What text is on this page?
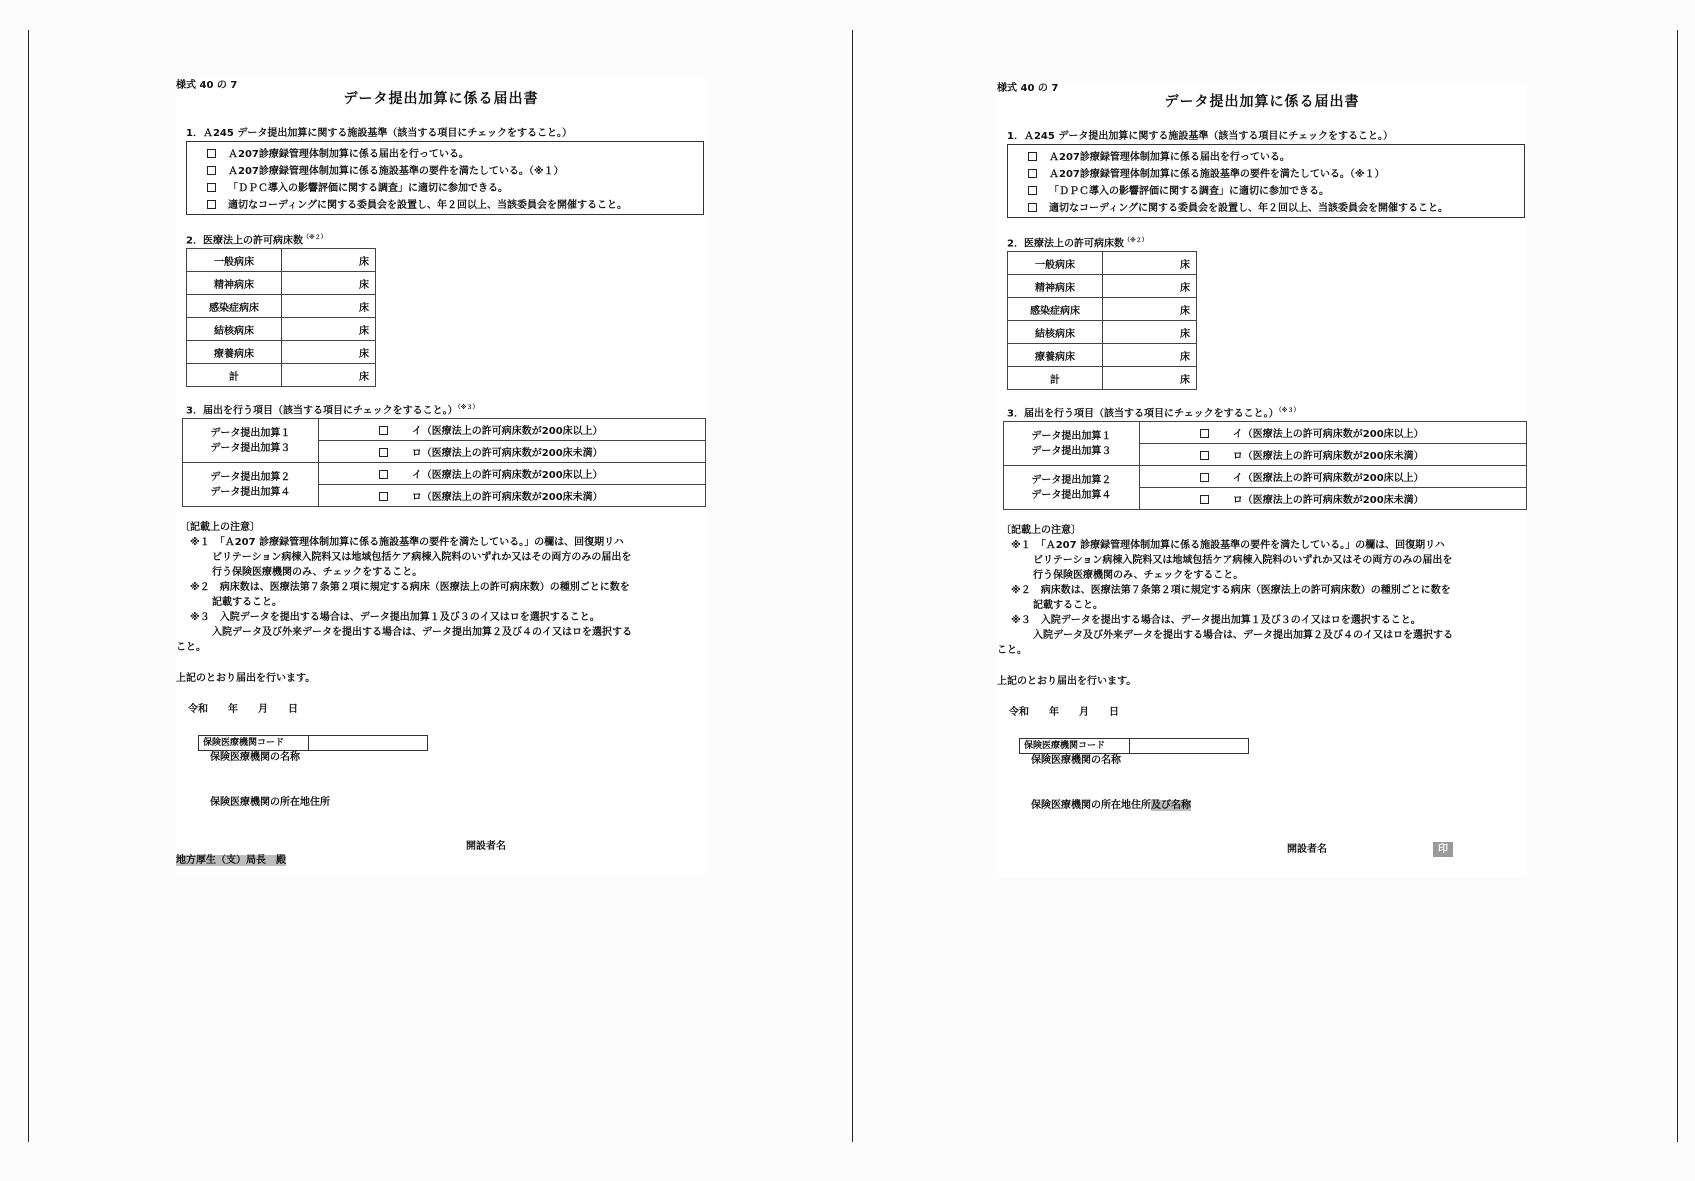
様式 40 の 7
データ提出加算に係る届出書
1．Ａ245 データ提出加算に関する施設基準（該当する項目にチェックをすること。）
Ａ207診療録管理体制加算に係る届出を行っている。
Ａ207診療録管理体制加算に係る施設基準の要件を満たしている。（※１）
「ＤＰＣ導入の影響評価に関する調査」に適切に参加できる。
適切なコーディングに関する委員会を設置し、年２回以上、当該委員会を開催すること。
2．医療法上の許可病床数$^{(※2)}$
一般病床	床
精神病床	床
感染症病床	床
結核病床	床
療養病床	床
計	床
3．届出を行う項目（該当する項目にチェックをすること。）$^{(※3)}$
データ提出加算１
データ提出加算３	イ（医療法上の許可病床数が200床以上）
	ロ（医療法上の許可病床数が200床未満）
データ提出加算２
データ提出加算４	イ（医療法上の許可病床数が200床以上）
	ロ（医療法上の許可病床数が200床未満）
〔記載上の注意〕
※１　「Ａ207 診療録管理体制加算に係る施設基準の要件を満たしている。」の欄は、回復期リハ
ビリテーション病棟入院料又は地域包括ケア病棟入院料のいずれか又はその両方のみの届出を
行う保険医療機関のみ、チェックをすること。
※２　病床数は、医療法第７条第２項に規定する病床（医療法上の許可病床数）の種別ごとに数を
記載すること。
※３　入院データを提出する場合は、データ提出加算１及び３のイ又はロを選択すること。
入院データ及び外来データを提出する場合は、データ提出加算２及び４のイ又はロを選択する
こと。
上記のとおり届出を行います。
令和　　年　　月　　日
保険医療機関コード
保険医療機関の名称
保険医療機関の所在地住所
開設者名
地方厚生（支）局長　殿
様式 40 の 7
データ提出加算に係る届出書
1．Ａ245 データ提出加算に関する施設基準（該当する項目にチェックをすること。）
Ａ207診療録管理体制加算に係る届出を行っている。
Ａ207診療録管理体制加算に係る施設基準の要件を満たしている。（※１）
「ＤＰＣ導入の影響評価に関する調査」に適切に参加できる。
適切なコーディングに関する委員会を設置し、年２回以上、当該委員会を開催すること。
2．医療法上の許可病床数$^{(※2)}$
一般病床	床
精神病床	床
感染症病床	床
結核病床	床
療養病床	床
計	床
3．届出を行う項目（該当する項目にチェックをすること。）$^{(※3)}$
データ提出加算１
データ提出加算３	イ（医療法上の許可病床数が200床以上）
	ロ（医療法上の許可病床数が200床未満）
データ提出加算２
データ提出加算４	イ（医療法上の許可病床数が200床以上）
	ロ（医療法上の許可病床数が200床未満）
〔記載上の注意〕
※１　「Ａ207 診療録管理体制加算に係る施設基準の要件を満たしている。」の欄は、回復期リハ
ビリテーション病棟入院料又は地域包括ケア病棟入院料のいずれか又はその両方のみの届出を
行う保険医療機関のみ、チェックをすること。
※２　病床数は、医療法第７条第２項に規定する病床（医療法上の許可病床数）の種別ごとに数を
記載すること。
※３　入院データを提出する場合は、データ提出加算１及び３のイ又はロを選択すること。
入院データ及び外来データを提出する場合は、データ提出加算２及び４のイ又はロを選択する
こと。
上記のとおり届出を行います。
令和　　年　　月　　日
保険医療機関コード
保険医療機関の名称
保険医療機関の所在地住所及び名称
開設者名	印
